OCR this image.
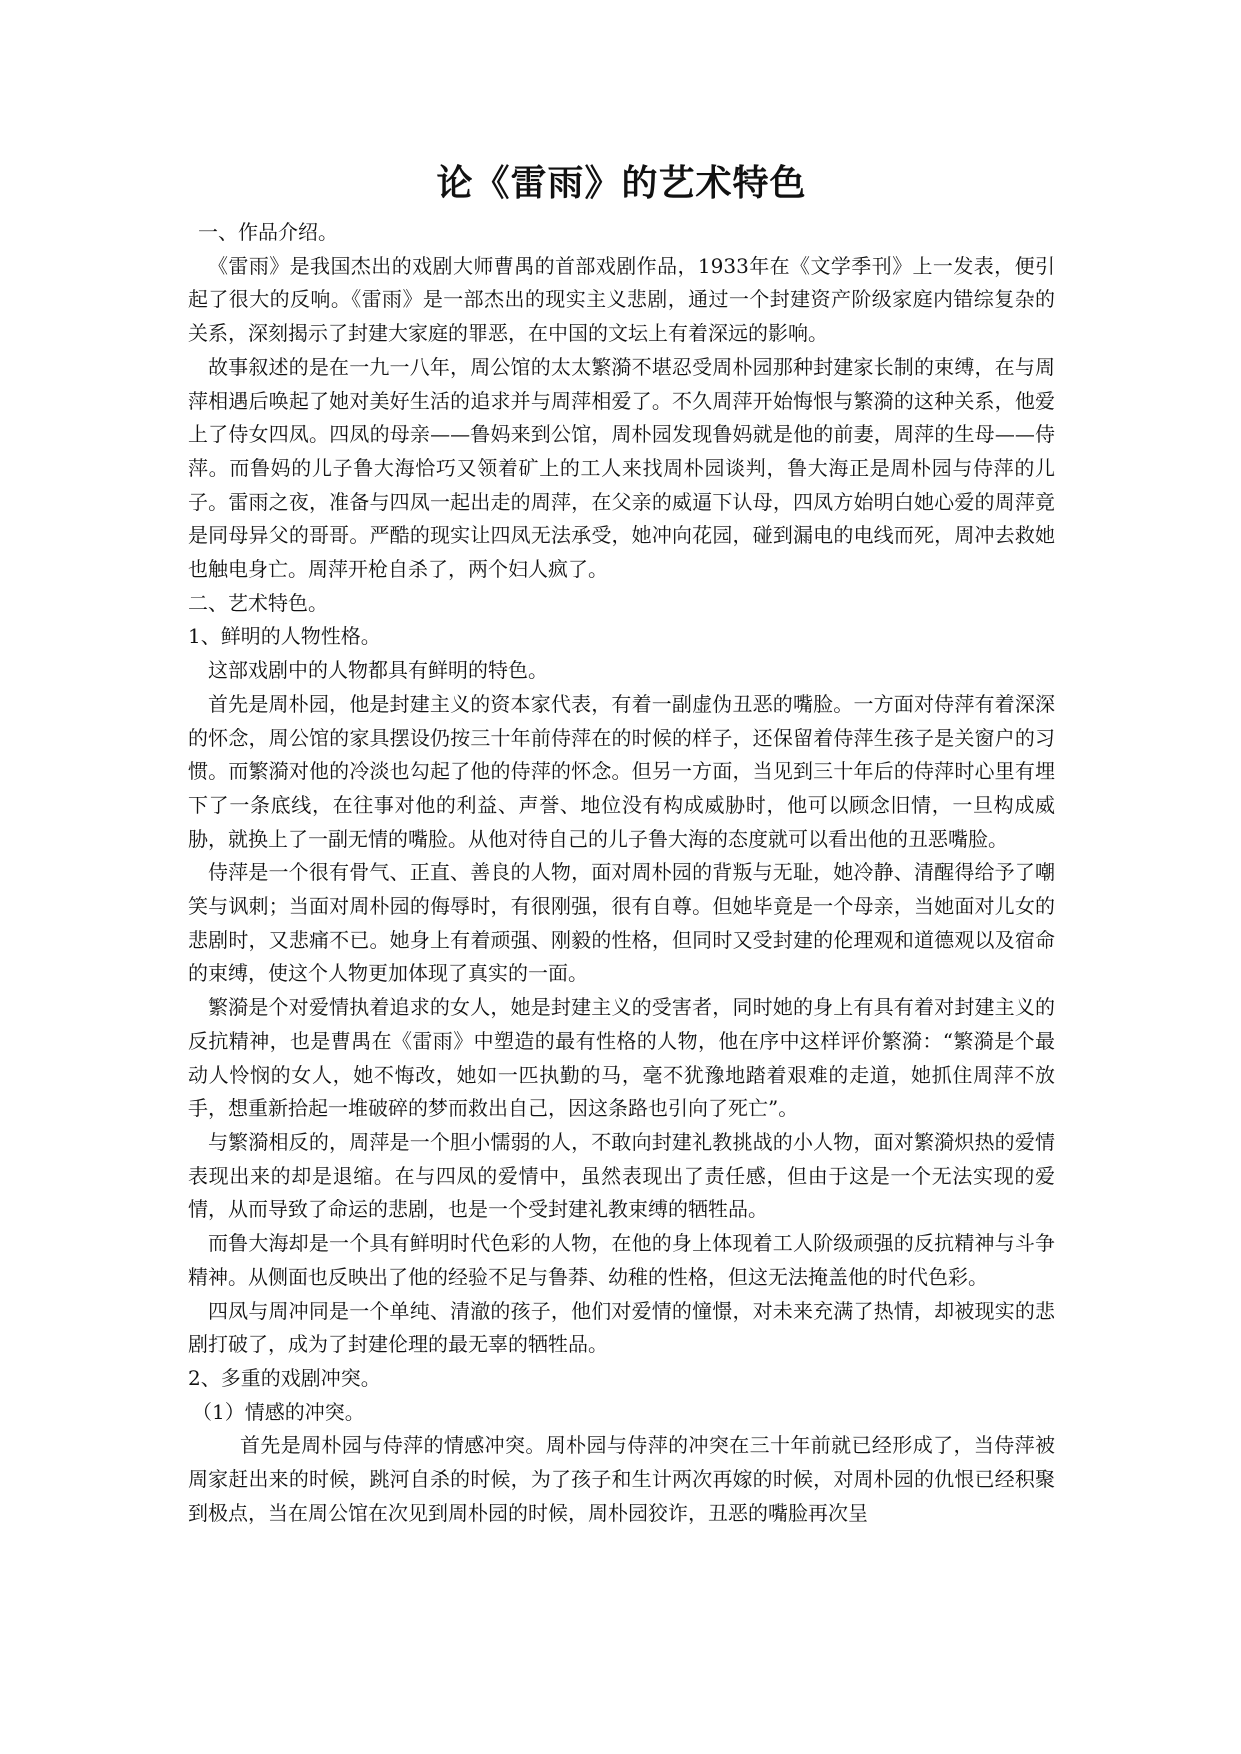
论《雷雨》的艺术特色

一、作品介绍。

《雷雨》是我国杰出的戏剧大师曹禺的首部戏剧作品，1933年在《文学季刊》上一发表，便引起了很大的反响。《雷雨》是一部杰出的现实主义悲剧，通过一个封建资产阶级家庭内错综复杂的关系，深刻揭示了封建大家庭的罪恶，在中国的文坛上有着深远的影响。

故事叙述的是在一九一八年，周公馆的太太繁漪不堪忍受周朴园那种封建家长制的束缚，在与周萍相遇后唤起了她对美好生活的追求并与周萍相爱了。不久周萍开始悔恨与繁漪的这种关系，他爱上了侍女四凤。四凤的母亲——鲁妈来到公馆，周朴园发现鲁妈就是他的前妻，周萍的生母——侍萍。而鲁妈的儿子鲁大海恰巧又领着矿上的工人来找周朴园谈判，鲁大海正是周朴园与侍萍的儿子。雷雨之夜，准备与四凤一起出走的周萍，在父亲的威逼下认母，四凤方始明白她心爱的周萍竟是同母异父的哥哥。严酷的现实让四凤无法承受，她冲向花园，碰到漏电的电线而死，周冲去救她也触电身亡。周萍开枪自杀了，两个妇人疯了。

二、艺术特色。

1、鲜明的人物性格。

这部戏剧中的人物都具有鲜明的特色。

首先是周朴园，他是封建主义的资本家代表，有着一副虚伪丑恶的嘴脸。一方面对侍萍有着深深的怀念，周公馆的家具摆设仍按三十年前侍萍在的时候的样子，还保留着侍萍生孩子是关窗户的习惯。而繁漪对他的冷淡也勾起了他的侍萍的怀念。但另一方面，当见到三十年后的侍萍时心里有埋下了一条底线，在往事对他的利益、声誉、地位没有构成威胁时，他可以顾念旧情，一旦构成威胁，就换上了一副无情的嘴脸。从他对待自己的儿子鲁大海的态度就可以看出他的丑恶嘴脸。

侍萍是一个很有骨气、正直、善良的人物，面对周朴园的背叛与无耻，她冷静、清醒得给予了嘲笑与讽刺；当面对周朴园的侮辱时，有很刚强，很有自尊。但她毕竟是一个母亲，当她面对儿女的悲剧时，又悲痛不已。她身上有着顽强、刚毅的性格，但同时又受封建的伦理观和道德观以及宿命的束缚，使这个人物更加体现了真实的一面。

繁漪是个对爱情执着追求的女人，她是封建主义的受害者，同时她的身上有具有着对封建主义的反抗精神，也是曹禺在《雷雨》中塑造的最有性格的人物，他在序中这样评价繁漪：“繁漪是个最动人怜悯的女人，她不悔改，她如一匹执勤的马，毫不犹豫地踏着艰难的走道，她抓住周萍不放手，想重新拾起一堆破碎的梦而救出自己，因这条路也引向了死亡”。

与繁漪相反的，周萍是一个胆小懦弱的人，不敢向封建礼教挑战的小人物，面对繁漪炽热的爱情表现出来的却是退缩。在与四凤的爱情中，虽然表现出了责任感，但由于这是一个无法实现的爱情，从而导致了命运的悲剧，也是一个受封建礼教束缚的牺牲品。

而鲁大海却是一个具有鲜明时代色彩的人物，在他的身上体现着工人阶级顽强的反抗精神与斗争精神。从侧面也反映出了他的经验不足与鲁莽、幼稚的性格，但这无法掩盖他的时代色彩。

四凤与周冲同是一个单纯、清澈的孩子，他们对爱情的憧憬，对未来充满了热情，却被现实的悲剧打破了，成为了封建伦理的最无辜的牺牲品。

2、多重的戏剧冲突。

（1）情感的冲突。

首先是周朴园与侍萍的情感冲突。周朴园与侍萍的冲突在三十年前就已经形成了，当侍萍被周家赶出来的时候，跳河自杀的时候，为了孩子和生计两次再嫁的时候，对周朴园的仇恨已经积聚到极点，当在周公馆在次见到周朴园的时候，周朴园狡诈，丑恶的嘴脸再次呈
